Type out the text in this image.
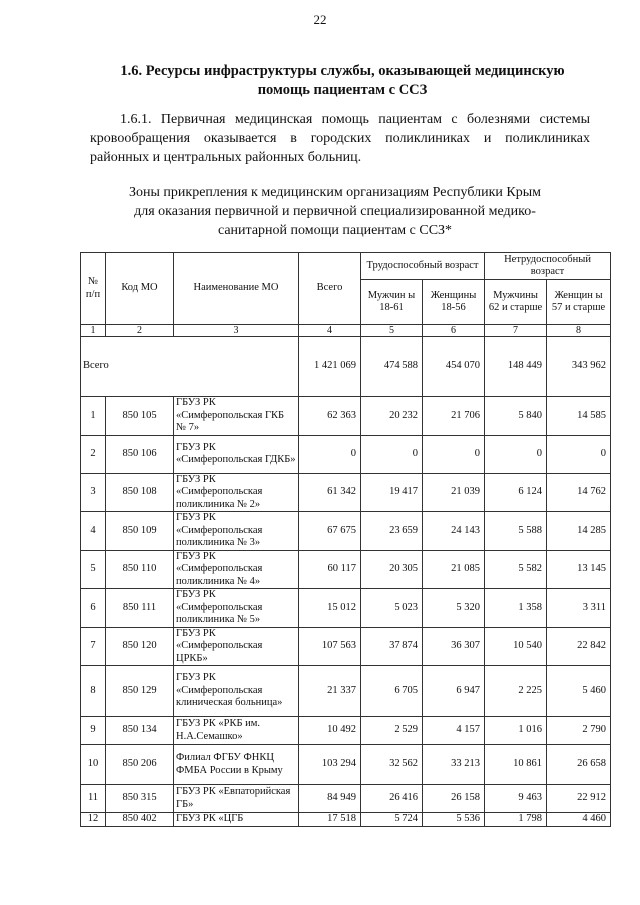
22
1.6. Ресурсы инфраструктуры службы, оказывающей медицинскую
помощь пациентам с ССЗ
1.6.1. Первичная медицинская помощь пациентам с болезнями системы кровообращения оказывается в городских поликлиниках и поликлиниках районных и центральных районных больниц.
Зоны прикрепления к медицинским организациям Республики Крым
для оказания первичной и первичной специализированной медико-
санитарной помощи пациентам с ССЗ*
№ п/п	Код МО	Наименование МО	Всего	Трудоспособный возраст		Нетрудоспособный возраст	
				Мужчин ы 18-61	Женщины 18-56	Мужчины 62 и старше	Женщин ы 57 и старше
1	2	3	4	5	6	7	8
Всего			1 421 069	474 588	454 070	148 449	343 962
1	850 105	ГБУЗ РК «Симферопольская ГКБ № 7»	62 363	20 232	21 706	5 840	14 585
2	850 106	ГБУЗ РК «Симферопольская ГДКБ»	0	0	0	0	0
3	850 108	ГБУЗ РК «Симферопольская поликлиника № 2»	61 342	19 417	21 039	6 124	14 762
4	850 109	ГБУЗ РК «Симферопольская поликлиника № 3»	67 675	23 659	24 143	5 588	14 285
5	850 110	ГБУЗ РК «Симферопольская поликлиника № 4»	60 117	20 305	21 085	5 582	13 145
6	850 111	ГБУЗ РК «Симферопольская поликлиника № 5»	15 012	5 023	5 320	1 358	3 311
7	850 120	ГБУЗ РК «Симферопольская ЦРКБ»	107 563	37 874	36 307	10 540	22 842
8	850 129	ГБУЗ РК «Симферопольская клиническая больница»	21 337	6 705	6 947	2 225	5 460
9	850 134	ГБУЗ РК «РКБ им. Н.А.Семашко»	10 492	2 529	4 157	1 016	2 790
10	850 206	Филиал ФГБУ ФНКЦ ФМБА России в Крыму	103 294	32 562	33 213	10 861	26 658
11	850 315	ГБУЗ РК «Евпаторийская ГБ»	84 949	26 416	26 158	9 463	22 912
12	850 402	ГБУЗ РК «ЦГБ	17 518	5 724	5 536	1 798	4 460
